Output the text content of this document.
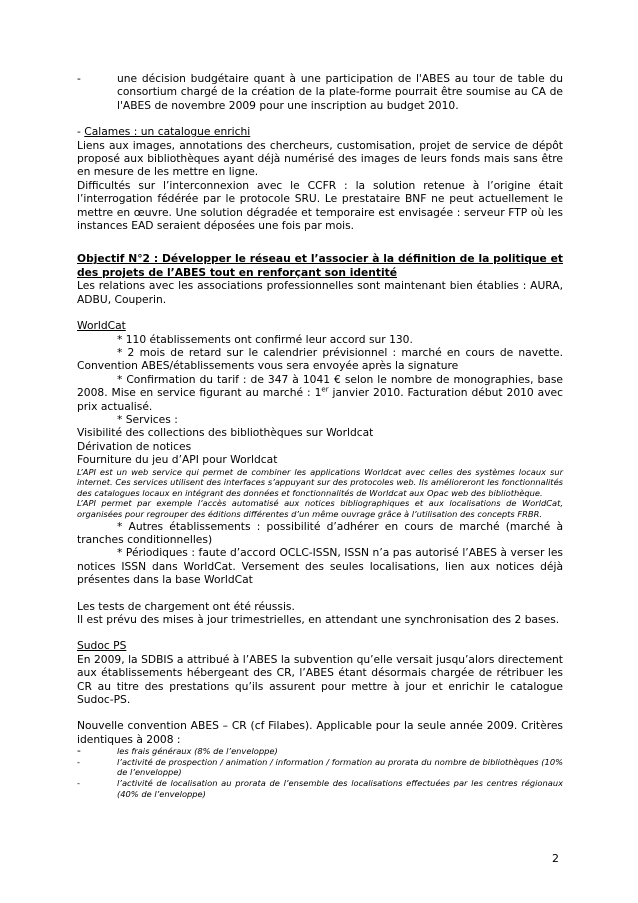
-	une décision budgétaire quant à une participation de l'ABES au tour de table du consortium chargé de la création de la plate-forme pourrait être soumise au CA de l'ABES de novembre 2009 pour une inscription au budget 2010.

- Calames : un catalogue enrichi

Liens aux images, annotations des chercheurs, customisation, projet de service de dépôt proposé aux bibliothèques ayant déjà numérisé des images de leurs fonds mais sans être en mesure de les mettre en ligne.

Difficultés sur l’interconnexion avec le CCFR : la solution retenue à l’origine était l’interrogation fédérée par le protocole SRU. Le prestataire BNF ne peut actuellement le mettre en œuvre. Une solution dégradée et temporaire est envisagée : serveur FTP où les instances EAD seraient déposées une fois par mois.

Objectif N°2 : Développer le réseau et l’associer à la définition de la politique et des projets de l’ABES tout en renforçant son identité

Les relations avec les associations professionnelles sont maintenant bien établies : AURA, ADBU, Couperin.

WorldCat

* 110 établissements ont confirmé leur accord sur 130.

* 2 mois de retard sur le calendrier prévisionnel : marché en cours de navette. Convention ABES/établissements vous sera envoyée après la signature

* Confirmation du tarif : de 347 à 1041 € selon le nombre de monographies, base 2008. Mise en service figurant au marché : 1er janvier 2010. Facturation début 2010 avec prix actualisé.

* Services :

Visibilité des collections des bibliothèques sur Worldcat

Dérivation de notices

Fourniture du jeu d’API pour Worldcat

L’API est un web service qui permet de combiner les applications Worldcat avec celles des systèmes locaux sur internet. Ces services utilisent des interfaces s’appuyant sur des protocoles web. Ils amélioreront les fonctionnalités des catalogues locaux en intégrant des données et fonctionnalités de Worldcat aux Opac web des bibliothèque.

L’API permet par exemple l’accès automatisé aux notices bibliographiques et aux localisations de WorldCat, organisées pour regrouper des éditions différentes d’un même ouvrage grâce à l’utilisation des concepts FRBR.

* Autres établissements : possibilité d’adhérer en cours de marché (marché à tranches conditionnelles)

* Périodiques : faute d’accord OCLC-ISSN, ISSN n’a pas autorisé l’ABES à verser les notices ISSN dans WorldCat. Versement des seules localisations, lien aux notices déjà présentes dans la base WorldCat

Les tests de chargement ont été réussis.

Il est prévu des mises à jour trimestrielles, en attendant une synchronisation des 2 bases.

Sudoc PS

En 2009, la SDBIS a attribué à l’ABES la subvention qu’elle versait jusqu’alors directement aux établissements hébergeant des CR, l’ABES étant désormais chargée de rétribuer les CR au titre des prestations qu’ils assurent pour mettre à jour et enrichir le catalogue Sudoc-PS.

Nouvelle convention ABES – CR (cf Filabes). Applicable pour la seule année 2009. Critères identiques à 2008 :

-	les frais généraux (8% de l’enveloppe)
-	l’activité de prospection / animation / information / formation au prorata du nombre de bibliothèques (10% de l’enveloppe)
-	l’activité de localisation au prorata de l’ensemble des localisations effectuées par les centres régionaux (40% de l’enveloppe)
2
